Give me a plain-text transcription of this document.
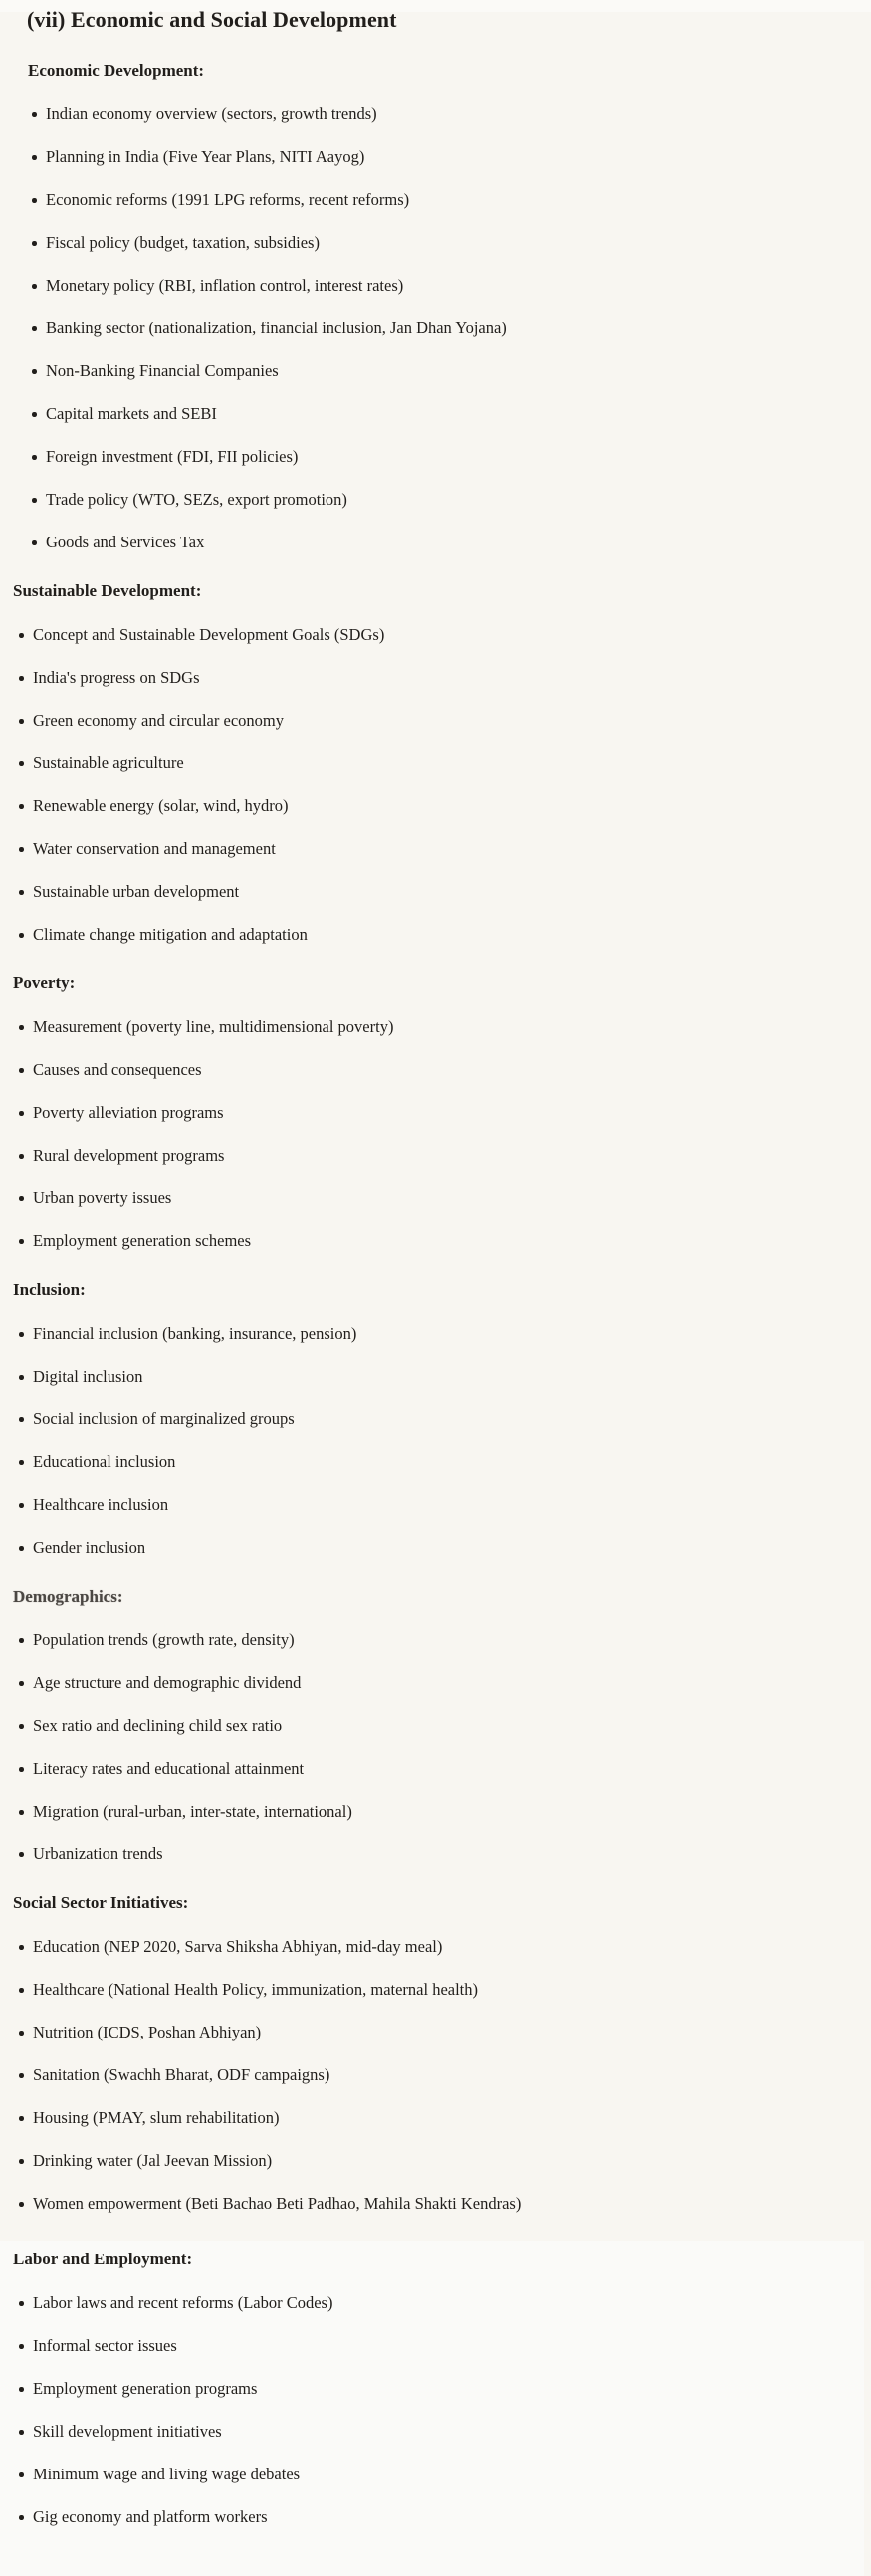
(vii) Economic and Social Development
Economic Development:
Indian economy overview (sectors, growth trends)
Planning in India (Five Year Plans, NITI Aayog)
Economic reforms (1991 LPG reforms, recent reforms)
Fiscal policy (budget, taxation, subsidies)
Monetary policy (RBI, inflation control, interest rates)
Banking sector (nationalization, financial inclusion, Jan Dhan Yojana)
Non-Banking Financial Companies
Capital markets and SEBI
Foreign investment (FDI, FII policies)
Trade policy (WTO, SEZs, export promotion)
Goods and Services Tax
Sustainable Development:
Concept and Sustainable Development Goals (SDGs)
India's progress on SDGs
Green economy and circular economy
Sustainable agriculture
Renewable energy (solar, wind, hydro)
Water conservation and management
Sustainable urban development
Climate change mitigation and adaptation
Poverty:
Measurement (poverty line, multidimensional poverty)
Causes and consequences
Poverty alleviation programs
Rural development programs
Urban poverty issues
Employment generation schemes
Inclusion:
Financial inclusion (banking, insurance, pension)
Digital inclusion
Social inclusion of marginalized groups
Educational inclusion
Healthcare inclusion
Gender inclusion
Demographics:
Population trends (growth rate, density)
Age structure and demographic dividend
Sex ratio and declining child sex ratio
Literacy rates and educational attainment
Migration (rural-urban, inter-state, international)
Urbanization trends
Social Sector Initiatives:
Education (NEP 2020, Sarva Shiksha Abhiyan, mid-day meal)
Healthcare (National Health Policy, immunization, maternal health)
Nutrition (ICDS, Poshan Abhiyan)
Sanitation (Swachh Bharat, ODF campaigns)
Housing (PMAY, slum rehabilitation)
Drinking water (Jal Jeevan Mission)
Women empowerment (Beti Bachao Beti Padhao, Mahila Shakti Kendras)
Labor and Employment:
Labor laws and recent reforms (Labor Codes)
Informal sector issues
Employment generation programs
Skill development initiatives
Minimum wage and living wage debates
Gig economy and platform workers
